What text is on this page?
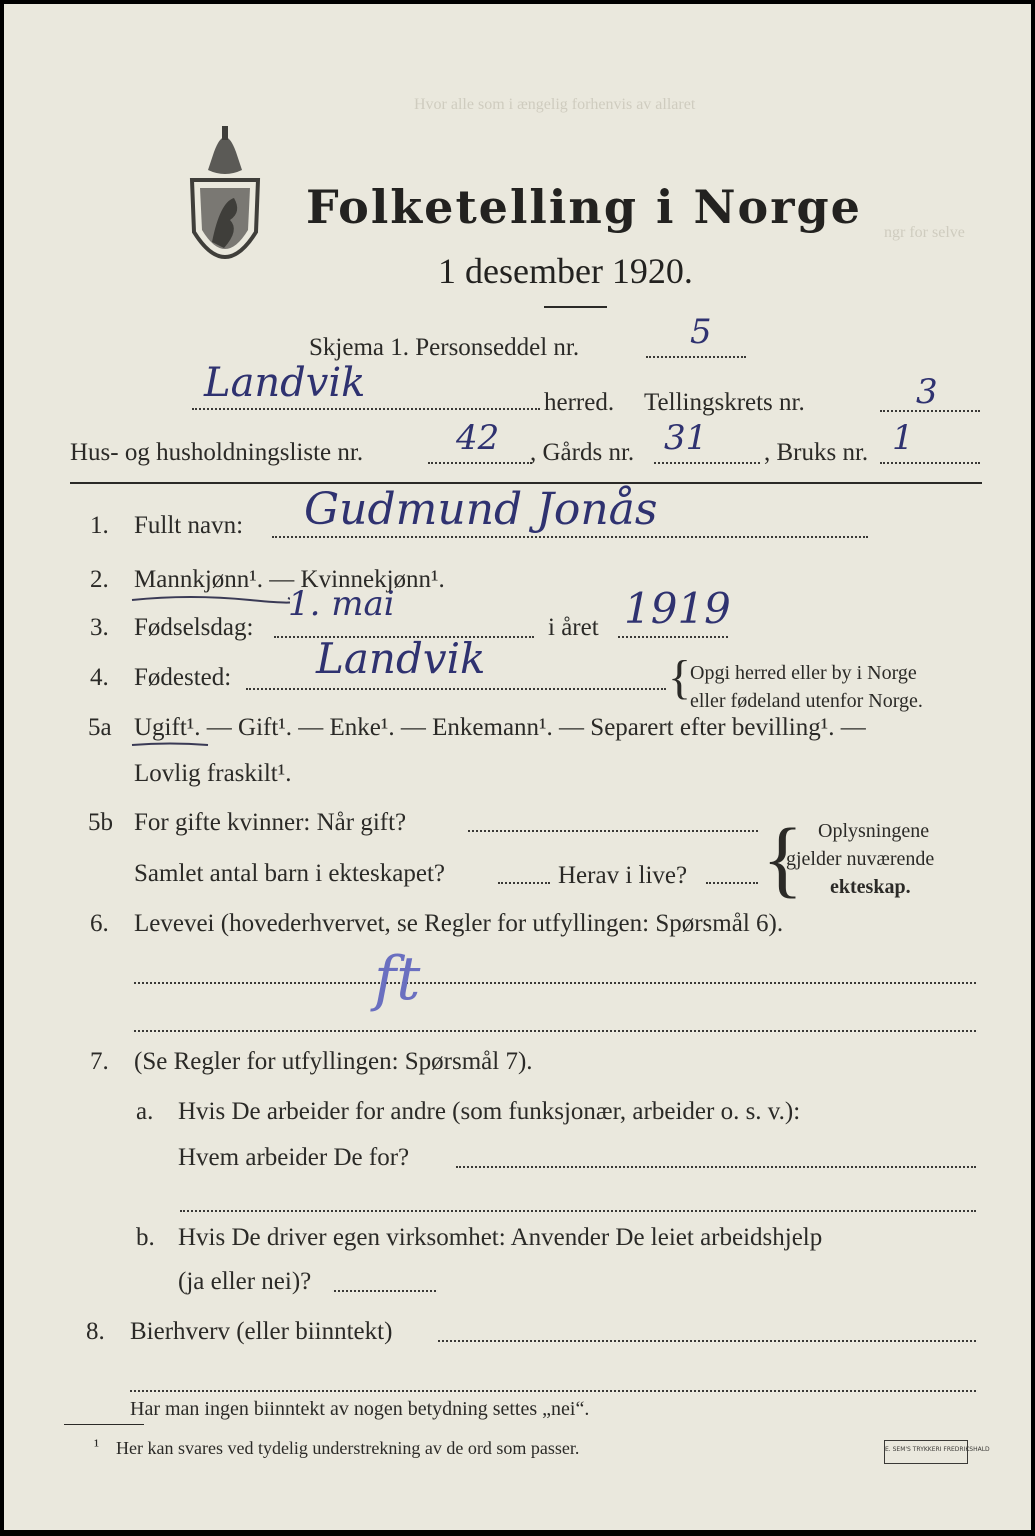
Hvor alle som i ængelig forhenvis av allaret
ngr for selve
Folketelling i Norge
1 desember 1920.
Skjema 1. Personseddel nr.	5
Landvik	herred. Tellingskrets nr.	3
Hus- og husholdningsliste nr.	42 , Gårds nr. 31 , Bruks nr. 1
1. Fullt navn: Gudmund Jonås
2. Mannkjønn¹. — Kvinnekjønn¹.
3. Fødselsdag:
1. mai
i året 1919
4. Fødested: Landvik	{
Opgi herred eller by i Norge
eller fødeland utenfor Norge.
5a Ugift¹. — Gift¹. — Enke¹. — Enkemann¹. — Separert efter bevilling¹. —
Lovlig fraskilt¹.
5b For gifte kvinner: Når gift?
Samlet antal barn i ekteskapet?	Herav i live? { Oplysningene
gjelder nuværende
ekteskap.
6. Levevei (hovederhvervet, se Regler for utfyllingen: Spørsmål 6).
ft
7. (Se Regler for utfyllingen: Spørsmål 7).
a. Hvis De arbeider for andre (som funksjonær, arbeider o. s. v.):
Hvem arbeider De for?
b. Hvis De driver egen virksomhet: Anvender De leiet arbeidshjelp
(ja eller nei)?
8. Bierhverv (eller biinntekt)
Har man ingen biinntekt av nogen betydning settes „nei“.
¹ Her kan svares ved tydelig understrekning av de ord som passer.	E. SEM'S TRYKKERI FREDRIKSHALD
